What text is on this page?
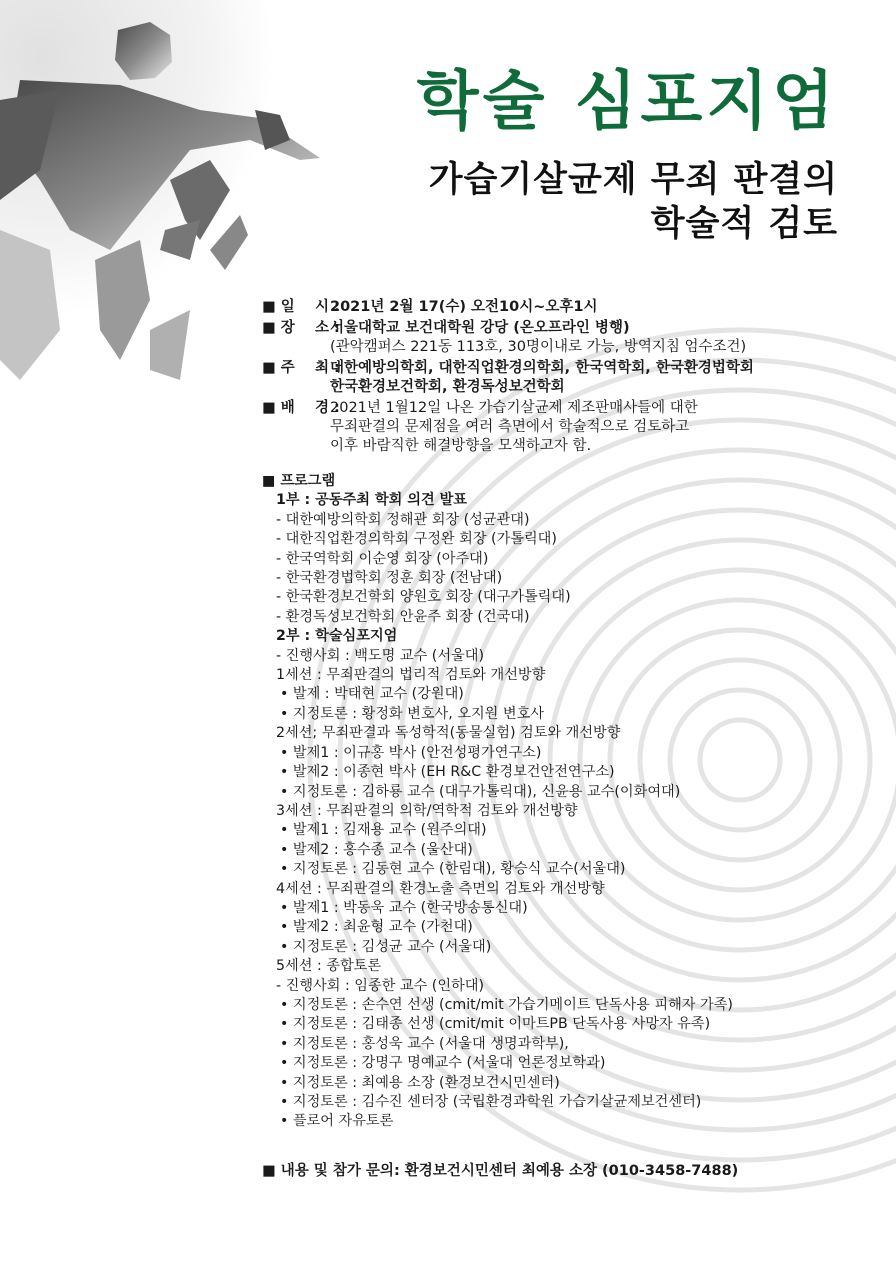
학술 심포지엄
가습기살균제 무죄 판결의
학술적 검토
■ 일    시 :
2021년 2월 17(수) 오전10시~오후1시
■ 장    소 :
서울대학교 보건대학원 강당 (온오프라인 병행)
(관악캠퍼스 221동 113호, 30명이내로 가능, 방역지침 엄수조건)
■ 주    최 :
대한예방의학회, 대한직업환경의학회, 한국역학회, 한국환경법학회
한국환경보건학회, 환경독성보건학회
■ 배    경 :
2021년 1월12일 나온 가습기살균제 제조판매사들에 대한
무죄판결의 문제점을 여러 측면에서 학술적으로 검토하고
이후 바람직한 해결방향을 모색하고자 함.
■ 프로그램
1부 : 공동주최 학회 의견 발표
- 대한예방의학회 정해관 회장 (성균관대)
- 대한직업환경의학회 구정완 회장 (가톨릭대)
- 한국역학회 이순영 회장 (아주대)
- 한국환경법학회 정훈 회장 (전남대)
- 한국환경보건학회 양원호 회장 (대구가톨릭대)
- 환경독성보건학회 안윤주 회장 (건국대)
2부 : 학술심포지엄
- 진행사회 : 백도명 교수 (서울대)
1세션 : 무죄판결의 법리적 검토와 개선방향
• 발제 : 박태현 교수 (강원대)
• 지정토론 : 황정화 변호사, 오지원 변호사
2세션; 무죄판결과 독성학적(동물실험) 검토와 개선방향
• 발제1 : 이규홍 박사 (안전성평가연구소)
• 발제2 : 이종현 박사 (EH R&C 환경보건안전연구소)
• 지정토론 : 김하룡 교수 (대구가톨릭대), 신윤용 교수(이화여대)
3세션 : 무죄판결의 의학/역학적 검토와 개선방향
• 발제1 : 김재용 교수 (원주의대)
• 발제2 : 홍수종 교수 (울산대)
• 지정토론 : 김동현 교수 (한림대), 황승식 교수(서울대)
4세션 : 무죄판결의 환경노출 측면의 검토와 개선방향
• 발제1 : 박동욱 교수 (한국방송통신대)
• 발제2 : 최윤형 교수 (가천대)
• 지정토론 : 김성균 교수 (서울대)
5세션 : 종합토론
- 진행사회 : 임종한 교수 (인하대)
• 지정토론 : 손수연 선생 (cmit/mit 가습기메이트 단독사용 피해자 가족)
• 지정토론 : 김태종 선생 (cmit/mit 이마트PB 단독사용 사망자 유족)
• 지정토론 : 홍성욱 교수 (서울대 생명과학부),
• 지정토론 : 강명구 명예교수 (서울대 언론정보학과)
• 지정토론 : 최예용 소장 (환경보건시민센터)
• 지정토론 : 김수진 센터장 (국립환경과학원 가습기살균제보건센터)
• 플로어 자유토론
■ 내용 및 참가 문의: 환경보건시민센터 최예용 소장 (010-3458-7488)
